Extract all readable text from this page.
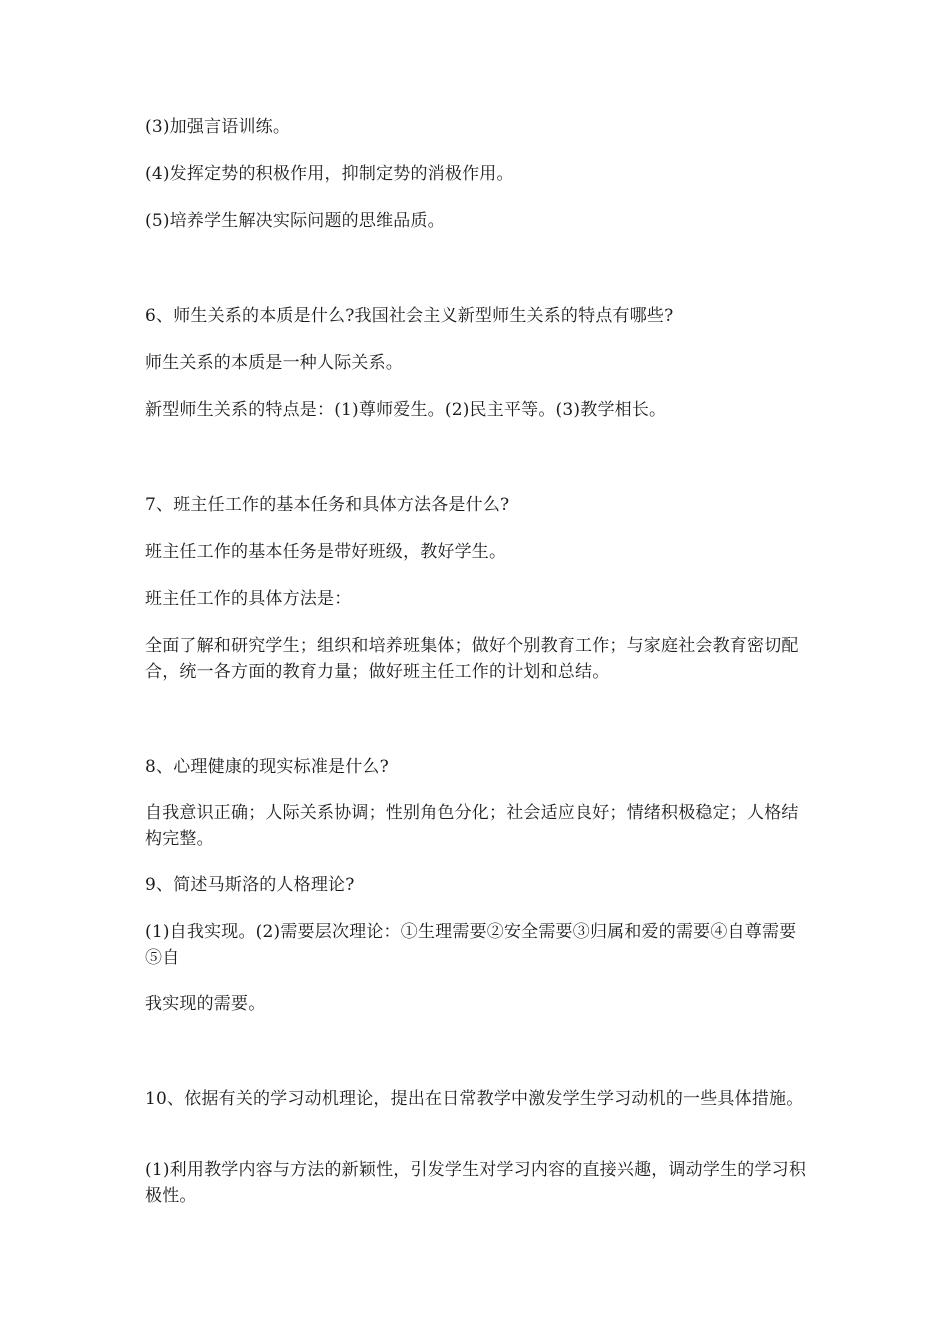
(3)加强言语训练。

(4)发挥定势的积极作用，抑制定势的消极作用。

(5)培养学生解决实际问题的思维品质。

6、师生关系的本质是什么?我国社会主义新型师生关系的特点有哪些?

师生关系的本质是一种人际关系。

新型师生关系的特点是：(1)尊师爱生。(2)民主平等。(3)教学相长。

7、班主任工作的基本任务和具体方法各是什么?

班主任工作的基本任务是带好班级，教好学生。

班主任工作的具体方法是：

全面了解和研究学生；组织和培养班集体；做好个别教育工作；与家庭社会教育密切配合，统一各方面的教育力量；做好班主任工作的计划和总结。

8、心理健康的现实标准是什么?

自我意识正确；人际关系协调；性别角色分化；社会适应良好；情绪积极稳定；人格结构完整。

9、简述马斯洛的人格理论?

(1)自我实现。(2)需要层次理论：①生理需要②安全需要③归属和爱的需要④自尊需要⑤自

我实现的需要。

10、依据有关的学习动机理论，提出在日常教学中激发学生学习动机的一些具体措施。

(1)利用教学内容与方法的新颖性，引发学生对学习内容的直接兴趣，调动学生的学习积极性。
